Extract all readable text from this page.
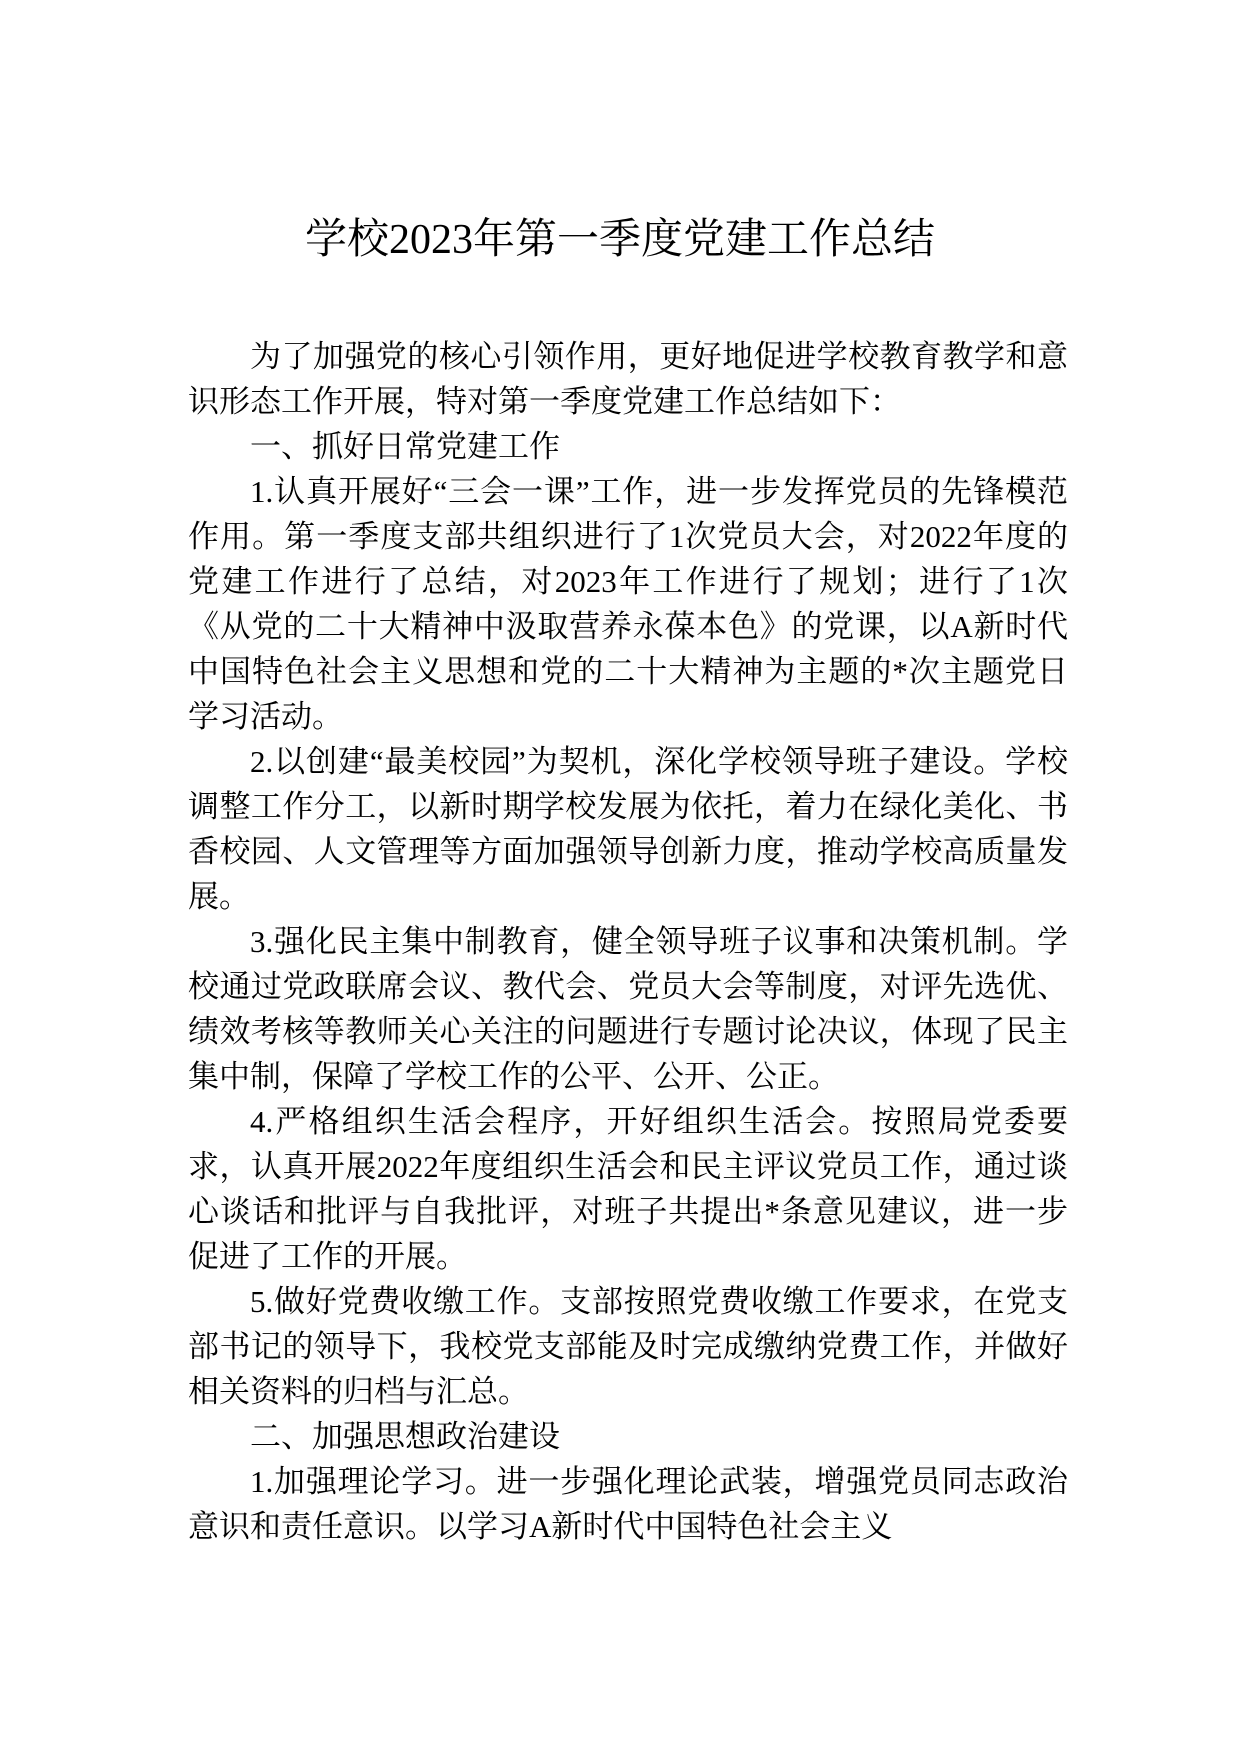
学校2023年第一季度党建工作总结

为了加强党的核心引领作用，更好地促进学校教育教学和意识形态工作开展，特对第一季度党建工作总结如下：

一、抓好日常党建工作

1.认真开展好“三会一课”工作，进一步发挥党员的先锋模范作用。第一季度支部共组织进行了1次党员大会，对2022年度的党建工作进行了总结，对2023年工作进行了规划；进行了1次《从党的二十大精神中汲取营养永葆本色》的党课，以A新时代中国特色社会主义思想和党的二十大精神为主题的*次主题党日学习活动。

2.以创建“最美校园”为契机，深化学校领导班子建设。学校调整工作分工，以新时期学校发展为依托，着力在绿化美化、书香校园、人文管理等方面加强领导创新力度，推动学校高质量发展。

3.强化民主集中制教育，健全领导班子议事和决策机制。学校通过党政联席会议、教代会、党员大会等制度，对评先选优、绩效考核等教师关心关注的问题进行专题讨论决议，体现了民主集中制，保障了学校工作的公平、公开、公正。

4.严格组织生活会程序，开好组织生活会。按照局党委要求，认真开展2022年度组织生活会和民主评议党员工作，通过谈心谈话和批评与自我批评，对班子共提出*条意见建议，进一步促进了工作的开展。

5.做好党费收缴工作。支部按照党费收缴工作要求，在党支部书记的领导下，我校党支部能及时完成缴纳党费工作，并做好相关资料的归档与汇总。

二、加强思想政治建设

1.加强理论学习。进一步强化理论武装，增强党员同志政治意识和责任意识。以学习A新时代中国特色社会主义
